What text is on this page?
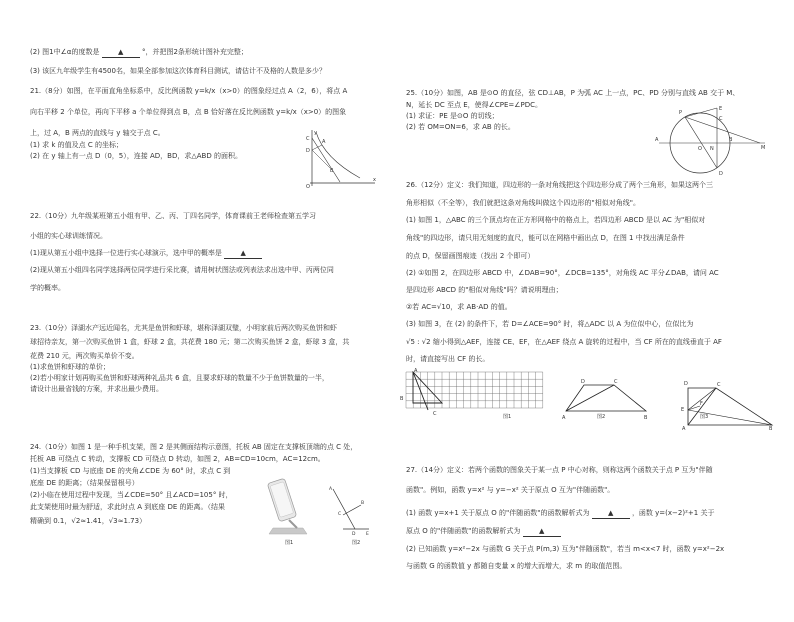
(2) 图1中∠α的度数是	▲	°，并把图2条形统计图补充完整；
(3) 该区九年级学生有4500名，如果全部参加这次体育科目测试，请估计不及格的人数是多少？
21.（8分）如图，在平面直角坐标系中，反比例函数 y=k/x（x>0）的图象经过点 A（2，6），将点 A
向右平移 2 个单位，再向下平移 a 个单位得到点 B，点 B 恰好落在反比例函数 y=k/x（x>0）的图象
上，过 A，B 两点的直线与 y 轴交于点 C。
(1) 求 k 的值及点 C 的坐标；
(2) 在 y 轴上有一点 D（0，5），连接 AD，BD，求△ABD 的面积。
y
x
O
A
B
C
D
22.（10分）九年级某班第五小组有甲、乙、丙、丁四名同学，体育课前王老师检查第五学习
小组的实心球训练情况。
(1)现从第五小组中选择一位进行实心球演示，选中甲的概率是	▲
(2)现从第五小组四名同学选择两位同学进行采比赛，请用树状图法或列表法求出选中甲、丙两位同
学的概率。
23.（10分）泽湖水产远近闻名，尤其是鱼饼和虾球，堪称泽湖双璧，小明家前后两次购买鱼饼和虾
球招待亲友，第一次购买鱼饼 1 盒，虾球 2 盒，共花费 180 元；第二次购买鱼饼 2 盒，虾球 3 盒，共
花费 210 元，两次购买单价不变。
(1)求鱼饼和虾球的单价；
(2)若小明家计划再购买鱼饼和虾球两种礼品共 6 盒，且要求虾球的数量不少于鱼饼数量的一半，
请设计出最省钱的方案，并求出最少费用。
24.（10分）如图 1 是一种手机支架，图 2 是其侧面结构示意图，托板 AB 固定在支撑板顶端的点 C 处，
托板 AB 可绕点 C 转动，支撑板 CD 可绕点 D 转动，如图 2，AB=CD=10cm，AC=12cm。
(1)当支撑板 CD 与底座 DE 的夹角∠CDE 为 60° 时，求点 C 到
底座 DE 的距离；（结果保留根号）
(2)小临在使用过程中发现，当∠CDE=50° 且∠ACD=105° 时，
此支架使用时最为舒适，求此时点 A 到底座 DE 的距离。（结果
精确到 0.1，√2≈1.41，√3≈1.73）
图1
A
B
C
D E
图2
25.（10分）如图，AB 是⊙O 的直径，弦 CD⊥AB，P 为弧 AC 上一点，PC、PD 分别与直线 AB 交于 M、
N，延长 DC 至点 E，使得∠CPE=∠PDC。
(1) 求证：PE 是⊙O 的切线；
(2) 若 OM=ON=6，求 AB 的长。
P
E
C
A
O N
B
M
D
26.（12分）定义：我们知道，四边形的一条对角线把这个四边形分成了两个三角形，如果这两个三
角形相似（不全等），我们就把这条对角线叫做这个四边形的"相似对角线"。
(1) 如图 1，△ABC 的三个顶点均在正方形网格中的格点上，若四边形 ABCD 是以 AC 为"相似对
角线"的四边形，请只用无刻度的直尺，能可以在网格中画出点 D，在图 1 中找出满足条件
的点 D，保留画图痕迹（找出 2 个即可）
(2) ①如图 2，在四边形 ABCD 中，∠DAB=90°，∠DCB=135°，对角线 AC 平分∠DAB，请问 AC
是四边形 ABCD 的"相似对角线"吗？请说明理由；
②若 AC=√10，求 AB·AD 的值。
(3) 如图 3，在 (2) 的条件下，若 D=∠ACE=90° 时，将△ADC 以 A 为位似中心，位似比为
√5 : √2 缩小得到△AEF，连接 CE、EF，在△AEF 绕点 A 旋转的过程中，当 CF 所在的直线垂直于 AF
时，请直接写出 CF 的长。
A
B
C	图1
D	C
A	B
图2
D
E
F
C
A	B
图3
27.（14分）定义：若两个函数的图象关于某一点 P 中心对称，则称这两个函数关于点 P 互为"伴随
函数"。例如，函数 y=x² 与 y=−x² 关于原点 O 互为"伴随函数"。
(1) 函数 y=x+1 关于原点 O 的"伴随函数"的函数解析式为	▲	，函数 y=(x−2)²+1 关于
原点 O 的"伴随函数"的函数解析式为	▲
(2) 已知函数 y=x²−2x 与函数 G 关于点 P(m,3) 互为"伴随函数"，若当 m<x<7 时，函数 y=x²−2x
与函数 G 的函数值 y 都随自变量 x 的增大而增大，求 m 的取值范围。
